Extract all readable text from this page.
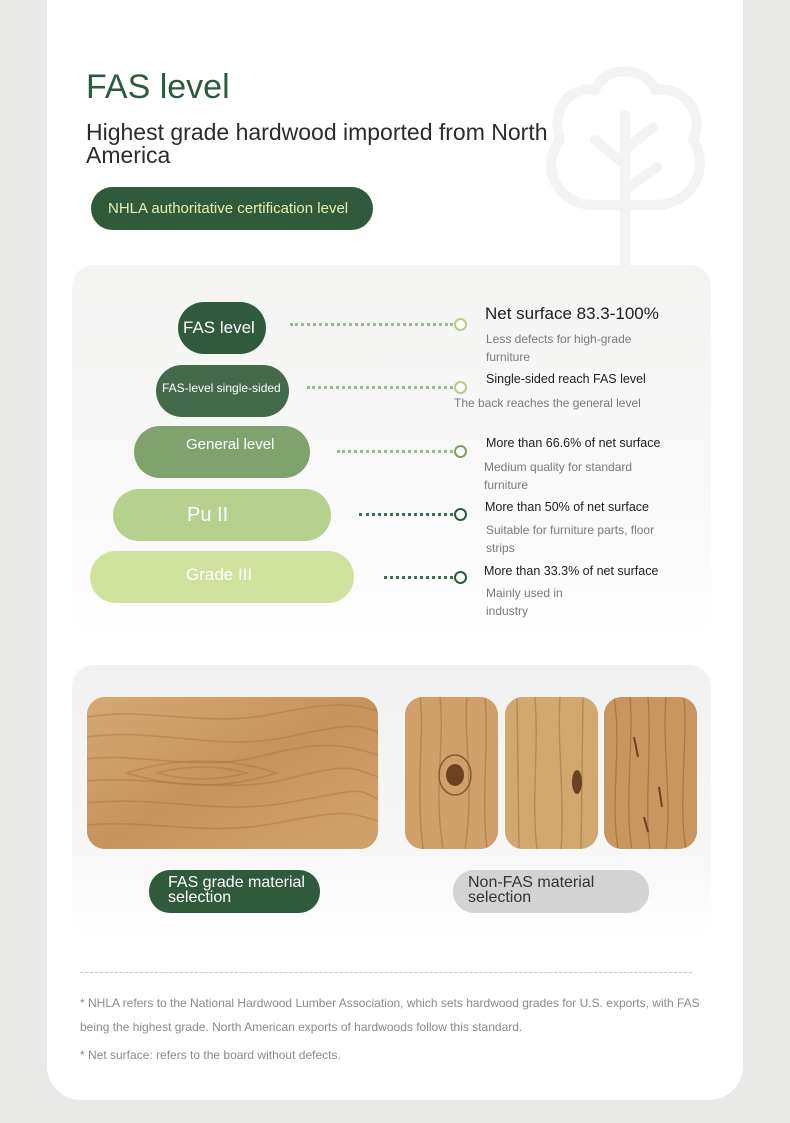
FAS level
Highest grade hardwood imported from North America
NHLA authoritative certification level
FAS level
FAS-level single-sided
General level
Pu II
Grade III

Net surface 83.3-100%

Less defects for high-grade furniture

Single-sided reach FAS level

The back reaches the general level

More than 66.6% of net surface

Medium quality for standard furniture

More than 50% of net surface

Suitable for furniture parts, floor strips

More than 33.3% of net surface

Mainly used in industry

FAS grade material selection
Non-FAS material selection

* NHLA refers to the National Hardwood Lumber Association, which sets hardwood grades for U.S. exports, with FAS being the highest grade. North American exports of hardwoods follow this standard.

* Net surface: refers to the board without defects.
